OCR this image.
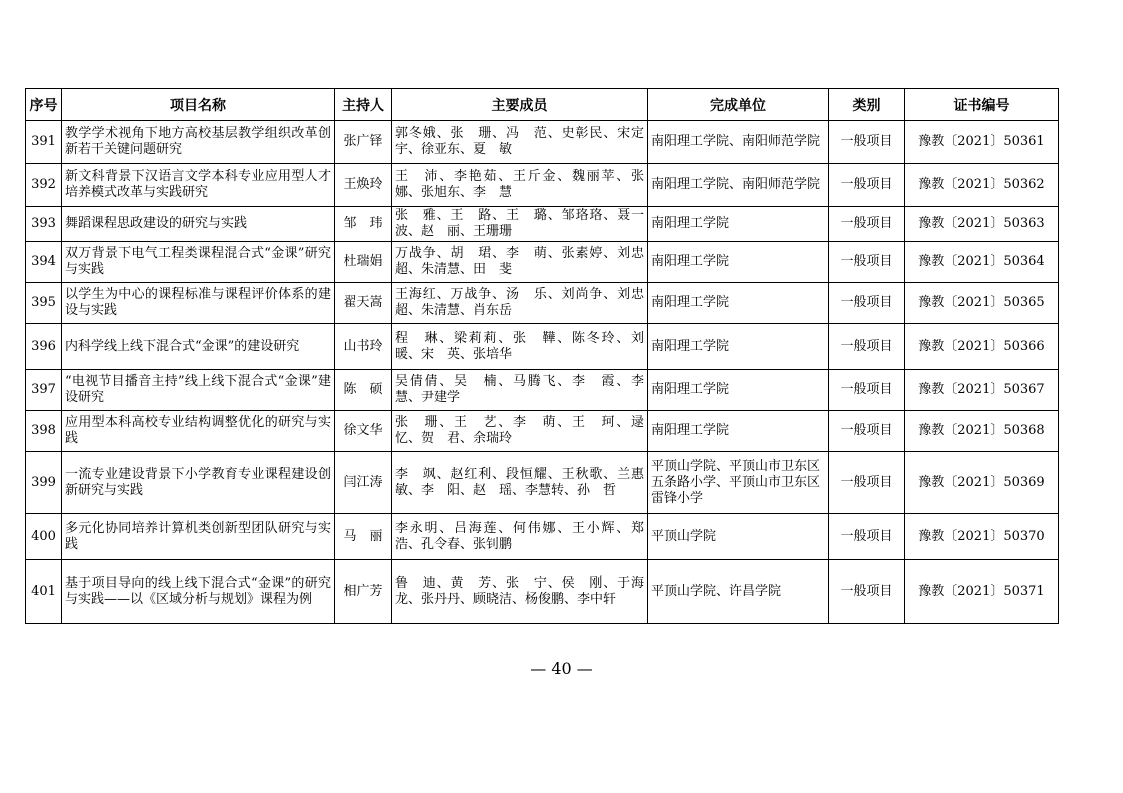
序号	项目名称	主持人	主要成员	完成单位	类别	证书编号
391	教学学术视角下地方高校基层教学组织改革创新若干关键问题研究	张广铎	郭冬娥、张　珊、冯　范、史彰民、宋定宇、徐亚东、夏　敏	南阳理工学院、南阳师范学院	一般项目	豫教〔2021〕50361
392	新文科背景下汉语言文学本科专业应用型人才培养模式改革与实践研究	王焕玲	王　沛、李艳茹、王斤金、魏丽苹、张　娜、张旭东、李　慧	南阳理工学院、南阳师范学院	一般项目	豫教〔2021〕50362
393	舞蹈课程思政建设的研究与实践	邹　玮	张　雅、王　路、王　璐、邹珞珞、聂一波、赵　丽、王珊珊	南阳理工学院	一般项目	豫教〔2021〕50363
394	双万背景下电气工程类课程混合式“金课”研究与实践	杜瑞娟	万战争、胡　珺、李　萌、张素婷、刘忠超、朱清慧、田　斐	南阳理工学院	一般项目	豫教〔2021〕50364
395	以学生为中心的课程标准与课程评价体系的建设与实践	翟天嵩	王海红、万战争、汤　乐、刘尚争、刘忠超、朱清慧、肖东岳	南阳理工学院	一般项目	豫教〔2021〕50365
396	内科学线上线下混合式“金课”的建设研究	山书玲	程　琳、梁莉莉、张　鞾、陈冬玲、刘　暖、宋　英、张培华	南阳理工学院	一般项目	豫教〔2021〕50366
397	“电视节目播音主持”线上线下混合式“金课”建设研究	陈　硕	吴倩倩、吴　楠、马腾飞、李　霞、李　慧、尹建学	南阳理工学院	一般项目	豫教〔2021〕50367
398	应用型本科高校专业结构调整优化的研究与实践	徐文华	张　珊、王　艺、李　萌、王　珂、逯　忆、贺　君、余瑞玲	南阳理工学院	一般项目	豫教〔2021〕50368
399	一流专业建设背景下小学教育专业课程建设创新研究与实践	闫江涛	李　飒、赵红利、段恒耀、王秋歌、兰惠敏、李　阳、赵　瑶、李慧转、孙　哲	平顶山学院、平顶山市卫东区五条路小学、平顶山市卫东区雷锋小学	一般项目	豫教〔2021〕50369
400	多元化协同培养计算机类创新型团队研究与实践	马　丽	李永明、吕海莲、何伟娜、王小辉、郑　浩、孔令春、张钊鹏	平顶山学院	一般项目	豫教〔2021〕50370
401	基于项目导向的线上线下混合式“金课”的研究与实践——以《区域分析与规划》课程为例	相广芳	鲁　迪、黄　芳、张　宁、侯　刚、于海龙、张丹丹、顾晓洁、杨俊鹏、李中轩	平顶山学院、许昌学院	一般项目	豫教〔2021〕50371
— 40 —
